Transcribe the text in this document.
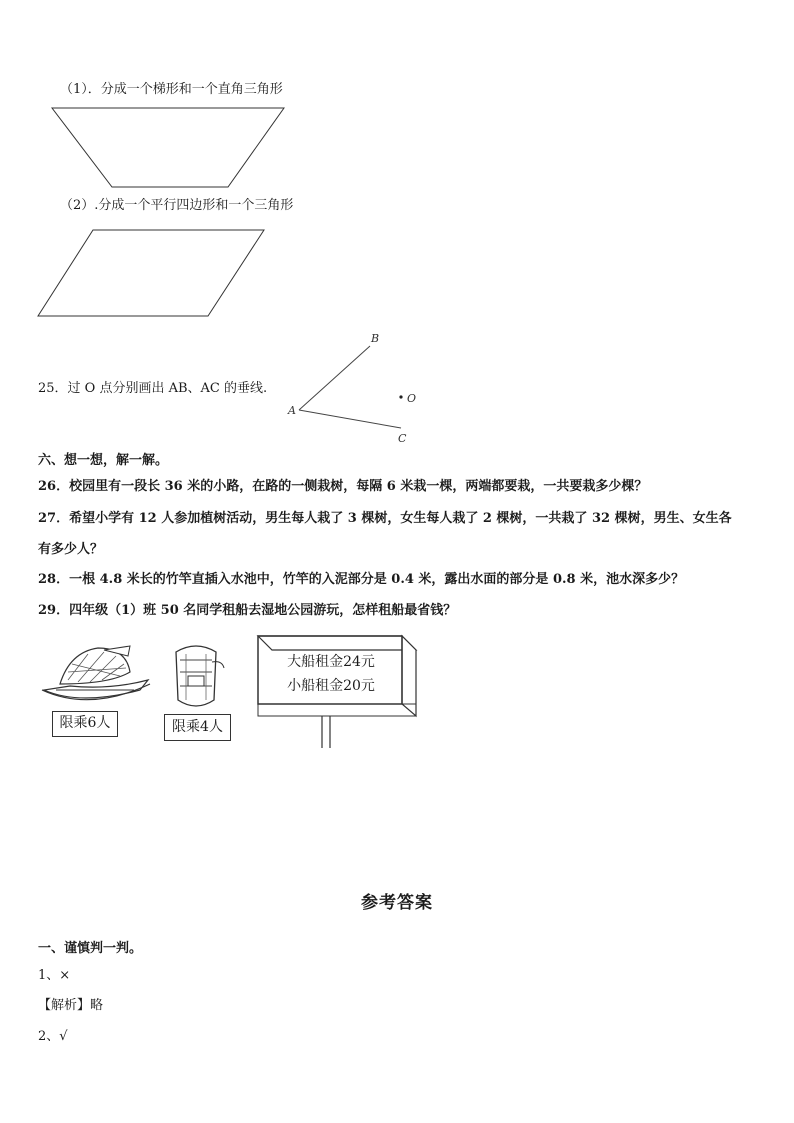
（1）．分成一个梯形和一个直角三角形
（2）.分成一个平行四边形和一个三角形
25．过 O 点分别画出 AB、AC 的垂线.
B
A
C
O
六、想一想，解一解。
26．校园里有一段长 36 米的小路，在路的一侧栽树，每隔 6 米栽一棵，两端都要栽，一共要栽多少棵？
27．希望小学有 12 人参加植树活动，男生每人栽了 3 棵树，女生每人栽了 2 棵树，一共栽了 32 棵树，男生、女生各
有多少人？
28．一根 4.8 米长的竹竿直插入水池中，竹竿的入泥部分是 0.4 米，露出水面的部分是 0.8 米，池水深多少？
29．四年级（1）班 50 名同学租船去湿地公园游玩，怎样租船最省钱？
限乘6人	限乘4人
大船租金24元
小船租金20元
参考答案
一、谨慎判一判。
1、×
【解析】略
2、√
